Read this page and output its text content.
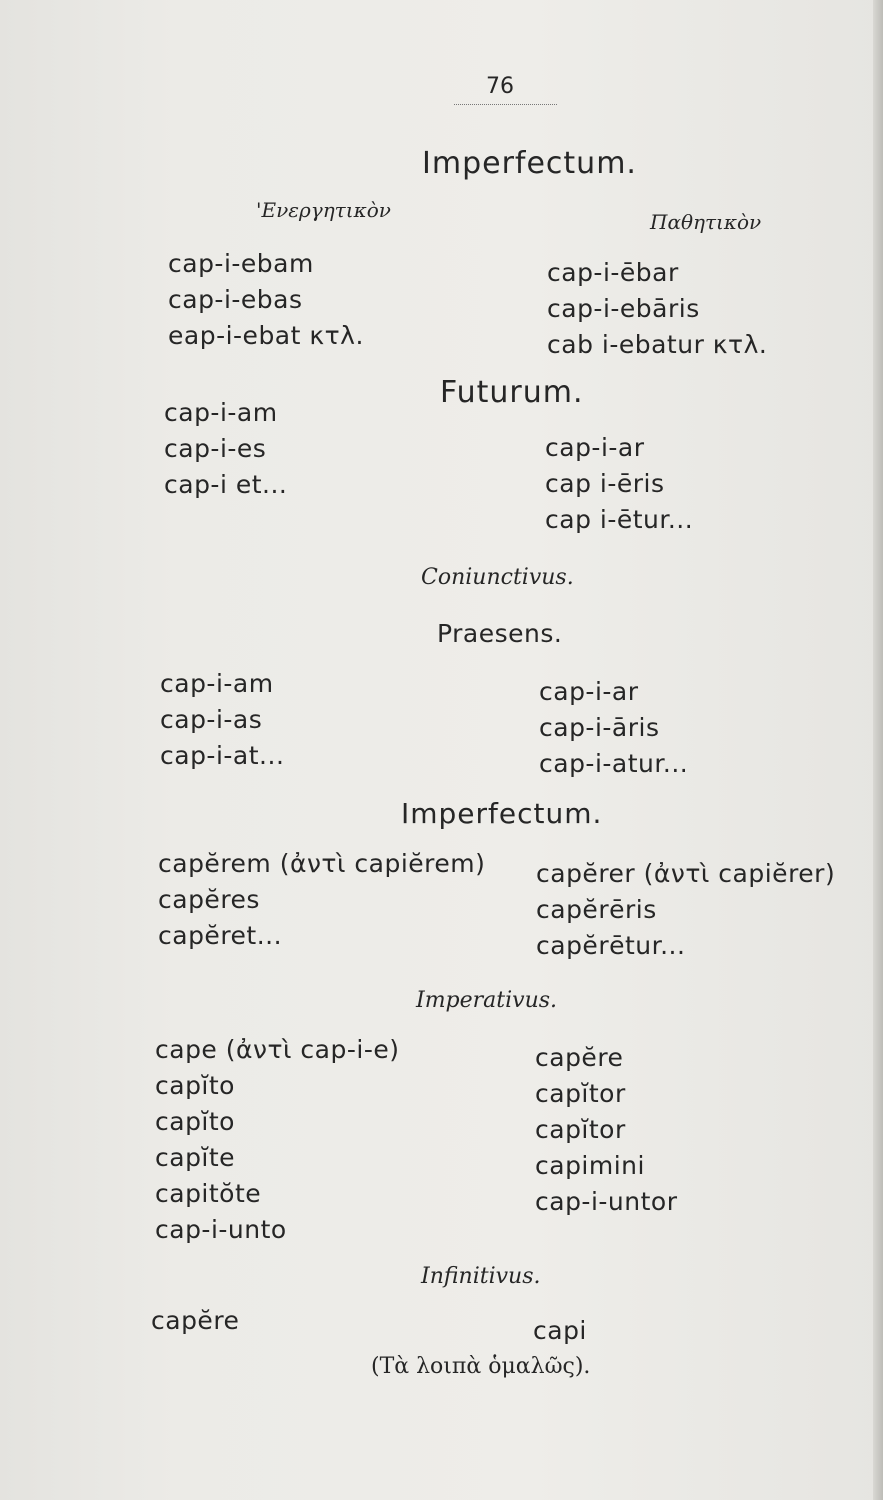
76
Imperfectum.
'Ενεργητικὸν	Παθητικὸν
cap-i-ebam
cap-i-ebas
eap-i-ebat κτλ.
cap-i-ēbar
cap-i-ebāris
cab i-ebatur κτλ.
Futurum.
cap-i-am
cap-i-es
cap-i et...
cap-i-ar
cap i-ēris
cap i-ētur...
Coniunctivus.
Praesens.
cap-i-am
cap-i-as
cap-i-at...
cap-i-ar
cap-i-āris
cap-i-atur...
Imperfectum.
capĕrem (ἀντὶ capiĕrem)
capĕres
capĕret...
capĕrer (ἀντὶ capiĕrer)
capĕrēris
capĕrētur...
Imperativus.
cape (ἀντὶ cap-i-e)
capĭto
capĭto
capĭte
capitŏte
cap-i-unto
capĕre
capĭtor
capĭtor
capimini
cap-i-untor
Infinitivus.
capĕre	capi
(Τὰ λοιπὰ ὁμαλῶς).
